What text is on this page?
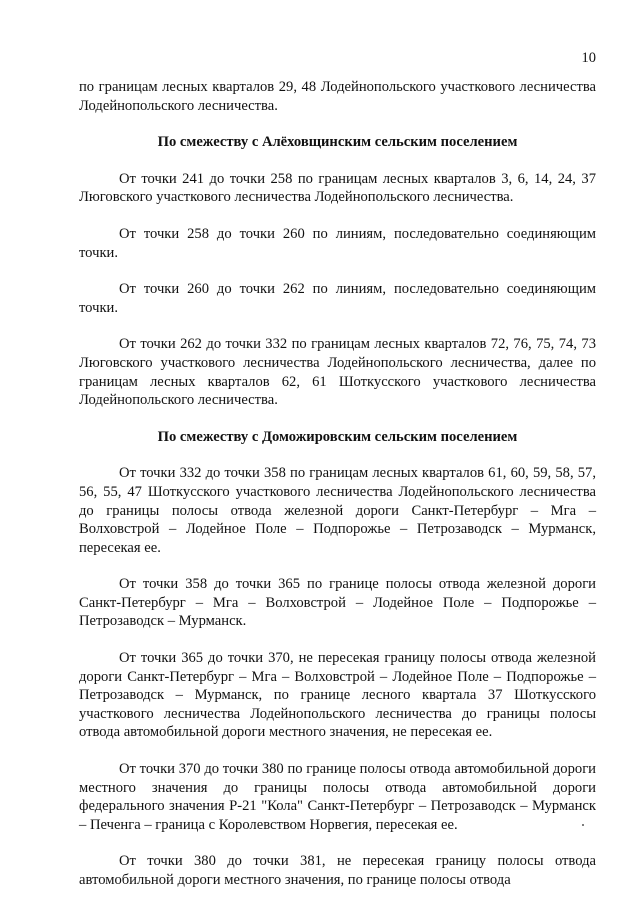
10

по границам лесных кварталов 29, 48 Лодейнопольского участкового лесничества Лодейнопольского лесничества.

По смежеству с Алёховщинским сельским поселением

От точки 241 до точки 258 по границам лесных кварталов 3, 6, 14, 24, 37 Люговского участкового лесничества Лодейнопольского лесничества.

От точки 258 до точки 260 по линиям, последовательно соединяющим точки.

От точки 260 до точки 262 по линиям, последовательно соединяющим точки.

От точки 262 до точки 332 по границам лесных кварталов 72, 76, 75, 74, 73 Люговского участкового лесничества Лодейнопольского лесничества, далее по границам лесных кварталов 62, 61 Шоткусского участкового лесничества Лодейнопольского лесничества.

По смежеству с Доможировским сельским поселением

От точки 332 до точки 358 по границам лесных кварталов 61, 60, 59, 58, 57, 56, 55, 47 Шоткусского участкового лесничества Лодейнопольского лесничества до границы полосы отвода железной дороги Санкт-Петербург – Мга – Волховстрой – Лодейное Поле – Подпорожье – Петрозаводск – Мурманск, пересекая ее.

От точки 358 до точки 365 по границе полосы отвода железной дороги Санкт-Петербург – Мга – Волховстрой – Лодейное Поле – Подпорожье – Петрозаводск – Мурманск.

От точки 365 до точки 370, не пересекая границу полосы отвода железной дороги Санкт-Петербург – Мга – Волховстрой – Лодейное Поле – Подпорожье – Петрозаводск – Мурманск, по границе лесного квартала 37 Шоткусского участкового лесничества Лодейнопольского лесничества до границы полосы отвода автомобильной дороги местного значения, не пересекая ее.

От точки 370 до точки 380 по границе полосы отвода автомобильной дороги местного значения до границы полосы отвода автомобильной дороги федерального значения Р-21 "Кола" Санкт-Петербург – Петрозаводск – Мурманск – Печенга – граница с Королевством Норвегия, пересекая ее.

От точки 380 до точки 381, не пересекая границу полосы отвода автомобильной дороги местного значения, по границе полосы отвода
